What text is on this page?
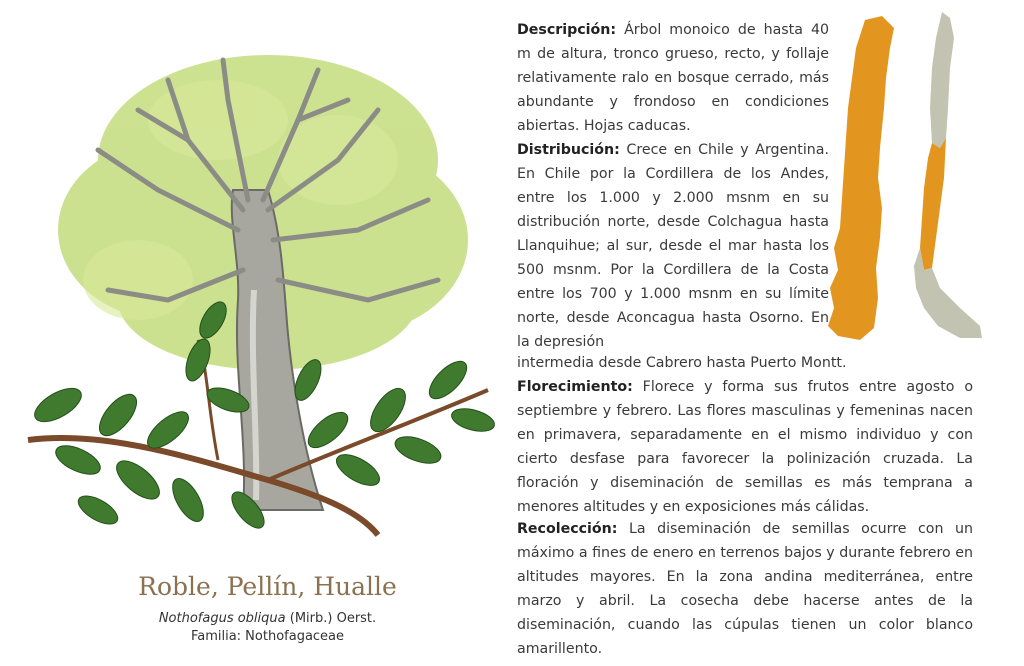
Roble, Pellín, Hualle
Nothofagus obliqua (Mirb.) Oerst.
Familia: Nothofagaceae
Descripción: Árbol monoico de hasta 40 m de altura, tronco grueso, recto, y follaje relativamente ralo en bosque cerrado, más abundante y frondoso en condiciones abiertas. Hojas caducas.
Distribución: Crece en Chile y Argentina. En Chile por la Cordillera de los Andes, entre los 1.000 y 2.000 msnm en su distribución norte, desde Colchagua hasta Llanquihue; al sur, desde el mar hasta los 500 msnm. Por la Cordillera de la Costa entre los 700 y 1.000 msnm en su límite norte, desde Aconcagua hasta Osorno. En la depresión
intermedia desde Cabrero hasta Puerto Montt.
Florecimiento: Florece y forma sus frutos entre agosto o septiembre y febrero. Las flores masculinas y femeninas nacen en primavera, separadamente en el mismo individuo y con cierto desfase para favorecer la polinización cruzada. La floración y diseminación de semillas es más temprana a menores altitudes y en exposiciones más cálidas.
Recolección: La diseminación de semillas ocurre con un máximo a fines de enero en terrenos bajos y durante febrero en altitudes mayores. En la zona andina mediterránea, entre marzo y abril. La cosecha debe hacerse antes de la diseminación, cuando las cúpulas tienen un color blanco amarillento.
